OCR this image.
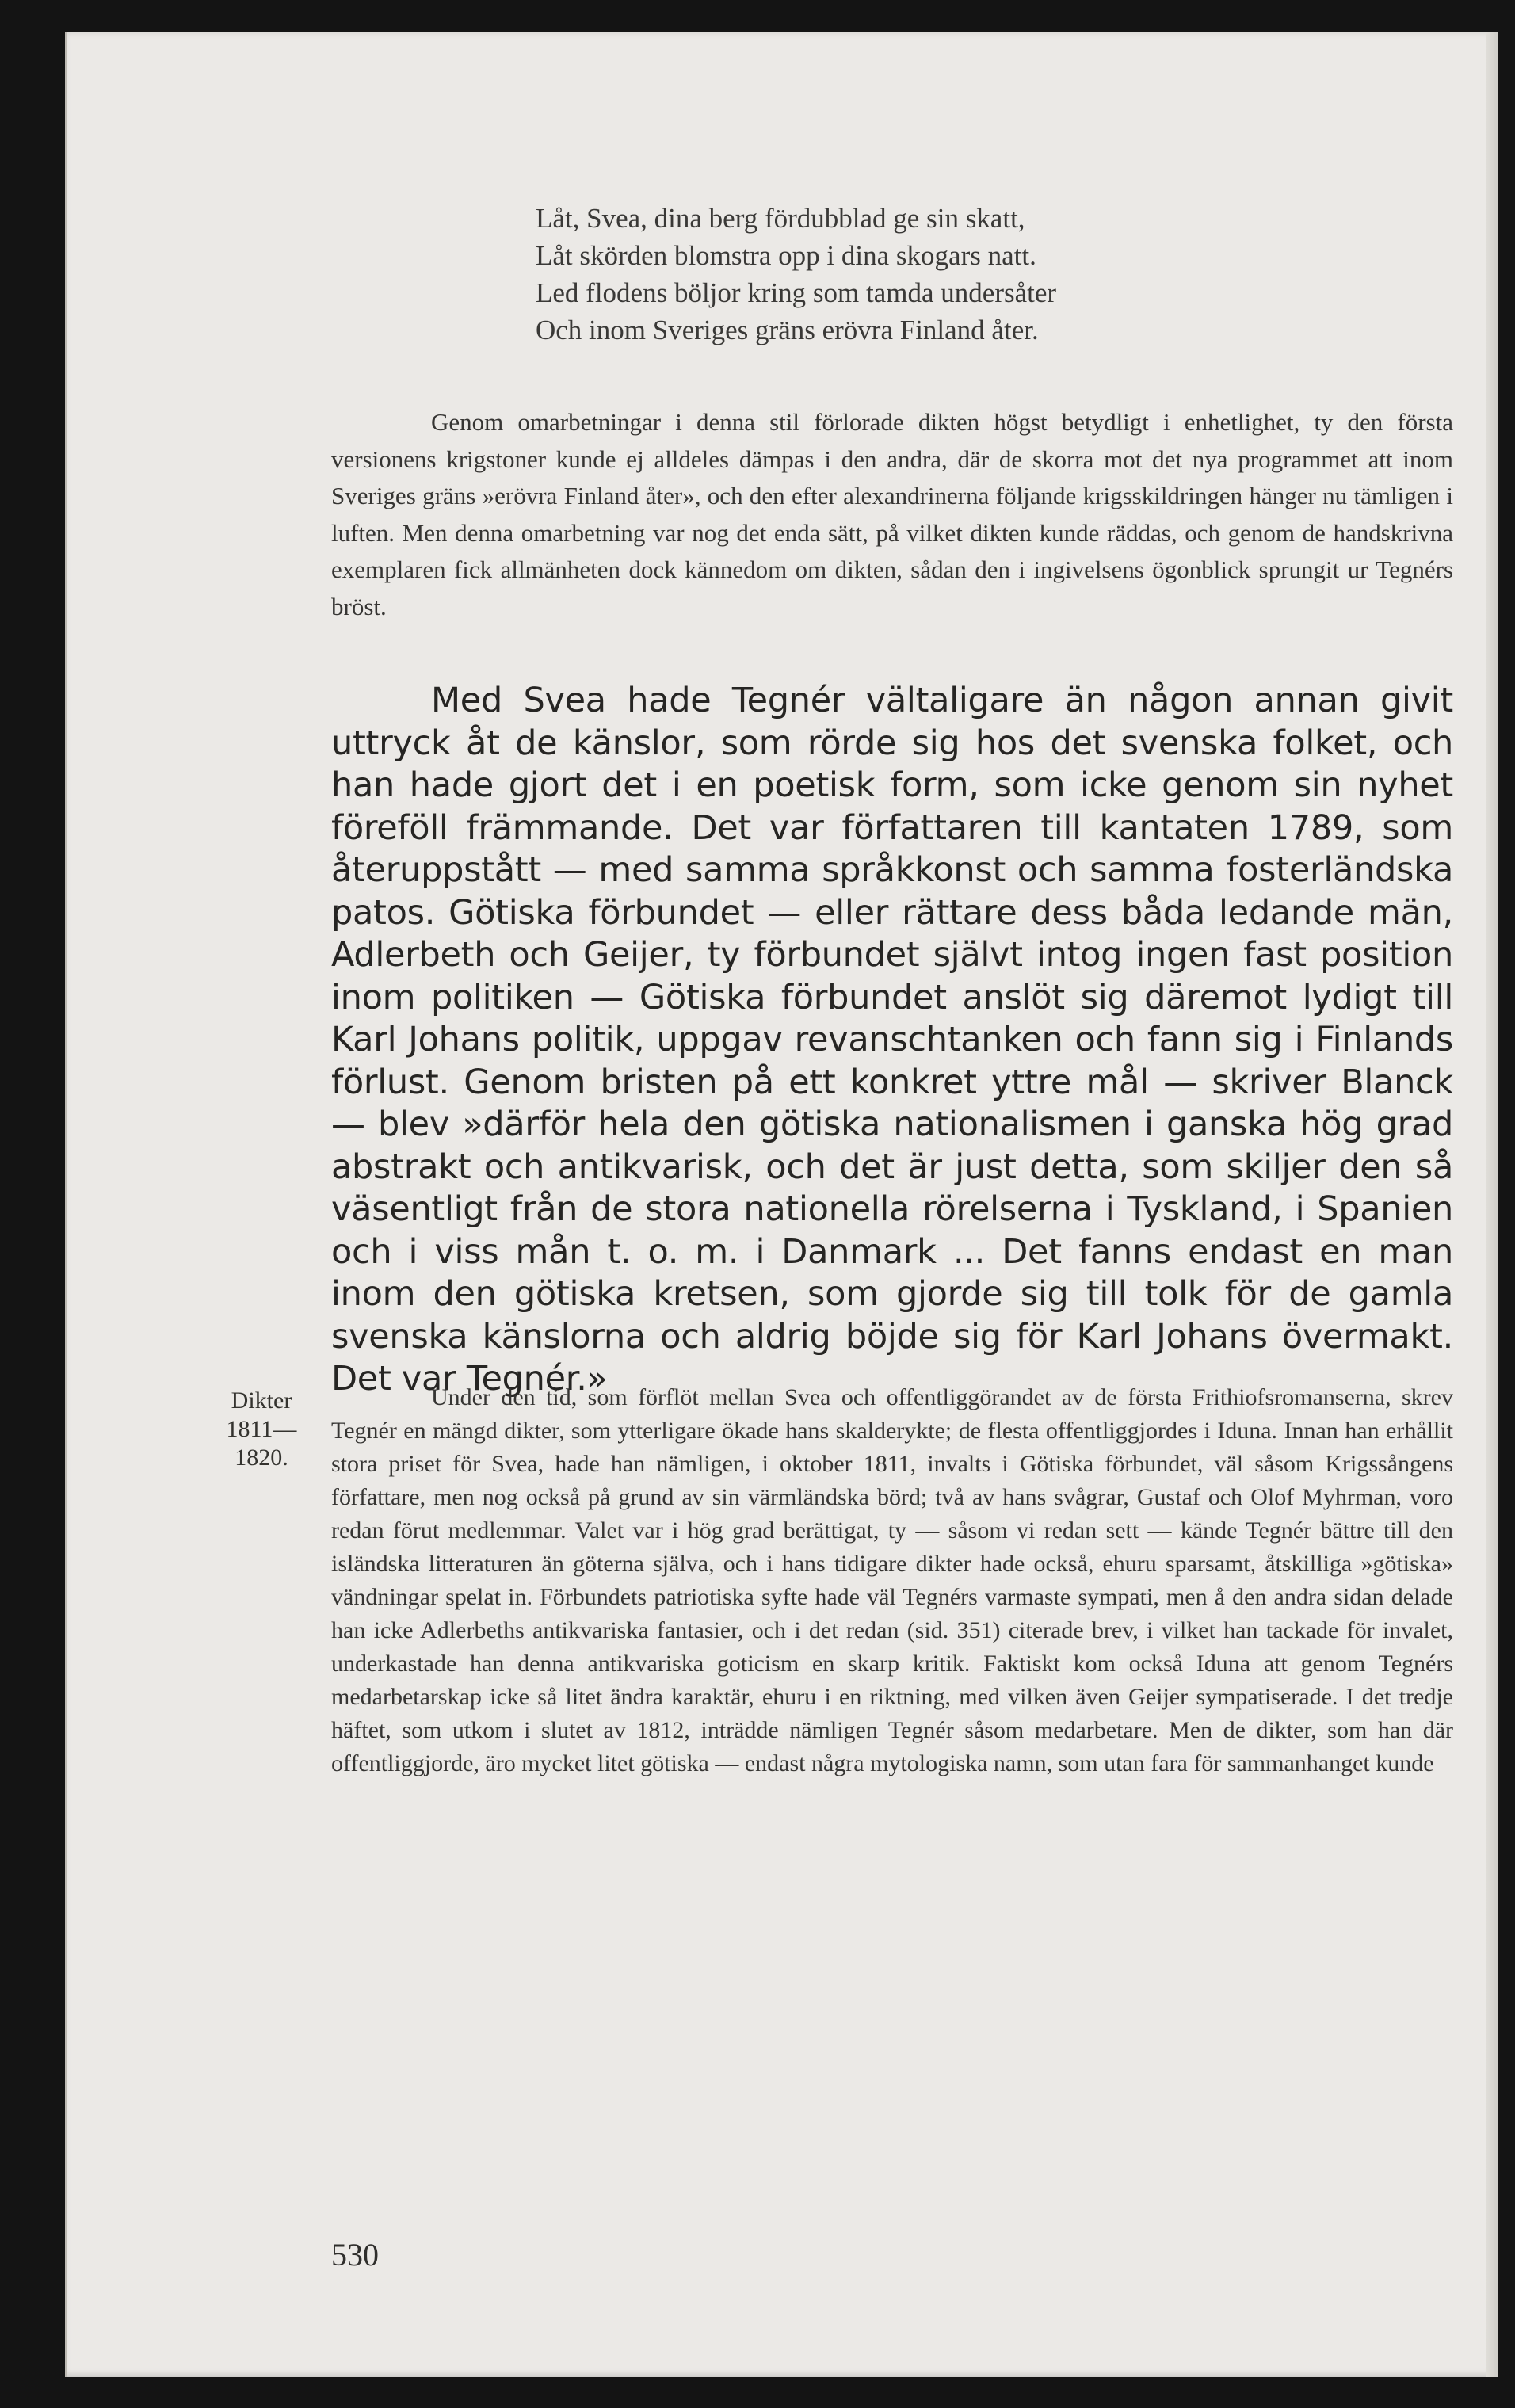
Låt, Svea, dina berg fördubblad ge sin skatt,
Låt skörden blomstra opp i dina skogars natt.
Led flodens böljor kring som tamda undersåter
Och inom Sveriges gräns erövra Finland åter.
Genom omarbetningar i denna stil förlorade dikten högst betydligt i enhetlighet, ty den första versionens krigstoner kunde ej alldeles dämpas i den andra, där de skorra mot det nya programmet att inom Sveriges gräns »erövra Finland åter», och den efter alexandrinerna följande krigsskildringen hänger nu tämligen i luften. Men denna omarbetning var nog det enda sätt, på vilket dikten kunde räddas, och genom de handskrivna exemplaren fick allmänheten dock kännedom om dikten, sådan den i ingivelsens ögonblick sprungit ur Tegnérs bröst.
Med Svea hade Tegnér vältaligare än någon annan givit uttryck åt de känslor, som rörde sig hos det svenska folket, och han hade gjort det i en poetisk form, som icke genom sin nyhet föreföll främmande. Det var författaren till kantaten 1789, som återuppstått — med samma språkkonst och samma fosterländska patos. Götiska förbundet — eller rättare dess båda ledande män, Adlerbeth och Geijer, ty förbundet självt intog ingen fast position inom politiken — Götiska förbundet anslöt sig däremot lydigt till Karl Johans politik, uppgav revanschtanken och fann sig i Finlands förlust. Genom bristen på ett konkret yttre mål — skriver Blanck — blev »därför hela den götiska nationalismen i ganska hög grad abstrakt och antikvarisk, och det är just detta, som skiljer den så väsentligt från de stora nationella rörelserna i Tyskland, i Spanien och i viss mån t. o. m. i Danmark ... Det fanns endast en man inom den götiska kretsen, som gjorde sig till tolk för de gamla svenska känslorna och aldrig böjde sig för Karl Johans övermakt. Det var Tegnér.»
Dikter
1811—
1820.
Under den tid, som förflöt mellan Svea och offentliggörandet av de första Frithiofsromanserna, skrev Tegnér en mängd dikter, som ytterligare ökade hans skalderykte; de flesta offentliggjordes i Iduna. Innan han erhållit stora priset för Svea, hade han nämligen, i oktober 1811, invalts i Götiska förbundet, väl såsom Krigssångens författare, men nog också på grund av sin värmländska börd; två av hans svågrar, Gustaf och Olof Myhrman, voro redan förut medlemmar. Valet var i hög grad berättigat, ty — såsom vi redan sett — kände Tegnér bättre till den isländska litteraturen än göterna själva, och i hans tidigare dikter hade också, ehuru sparsamt, åtskilliga »götiska» vändningar spelat in. Förbundets patriotiska syfte hade väl Tegnérs varmaste sympati, men å den andra sidan delade han icke Adlerbeths antikvariska fantasier, och i det redan (sid. 351) citerade brev, i vilket han tackade för invalet, underkastade han denna antikvariska goticism en skarp kritik. Faktiskt kom också Iduna att genom Tegnérs medarbetarskap icke så litet ändra karaktär, ehuru i en riktning, med vilken även Geijer sympatiserade. I det tredje häftet, som utkom i slutet av 1812, inträdde nämligen Tegnér såsom medarbetare. Men de dikter, som han där offentliggjorde, äro mycket litet götiska — endast några mytologiska namn, som utan fara för sammanhanget kunde
530
